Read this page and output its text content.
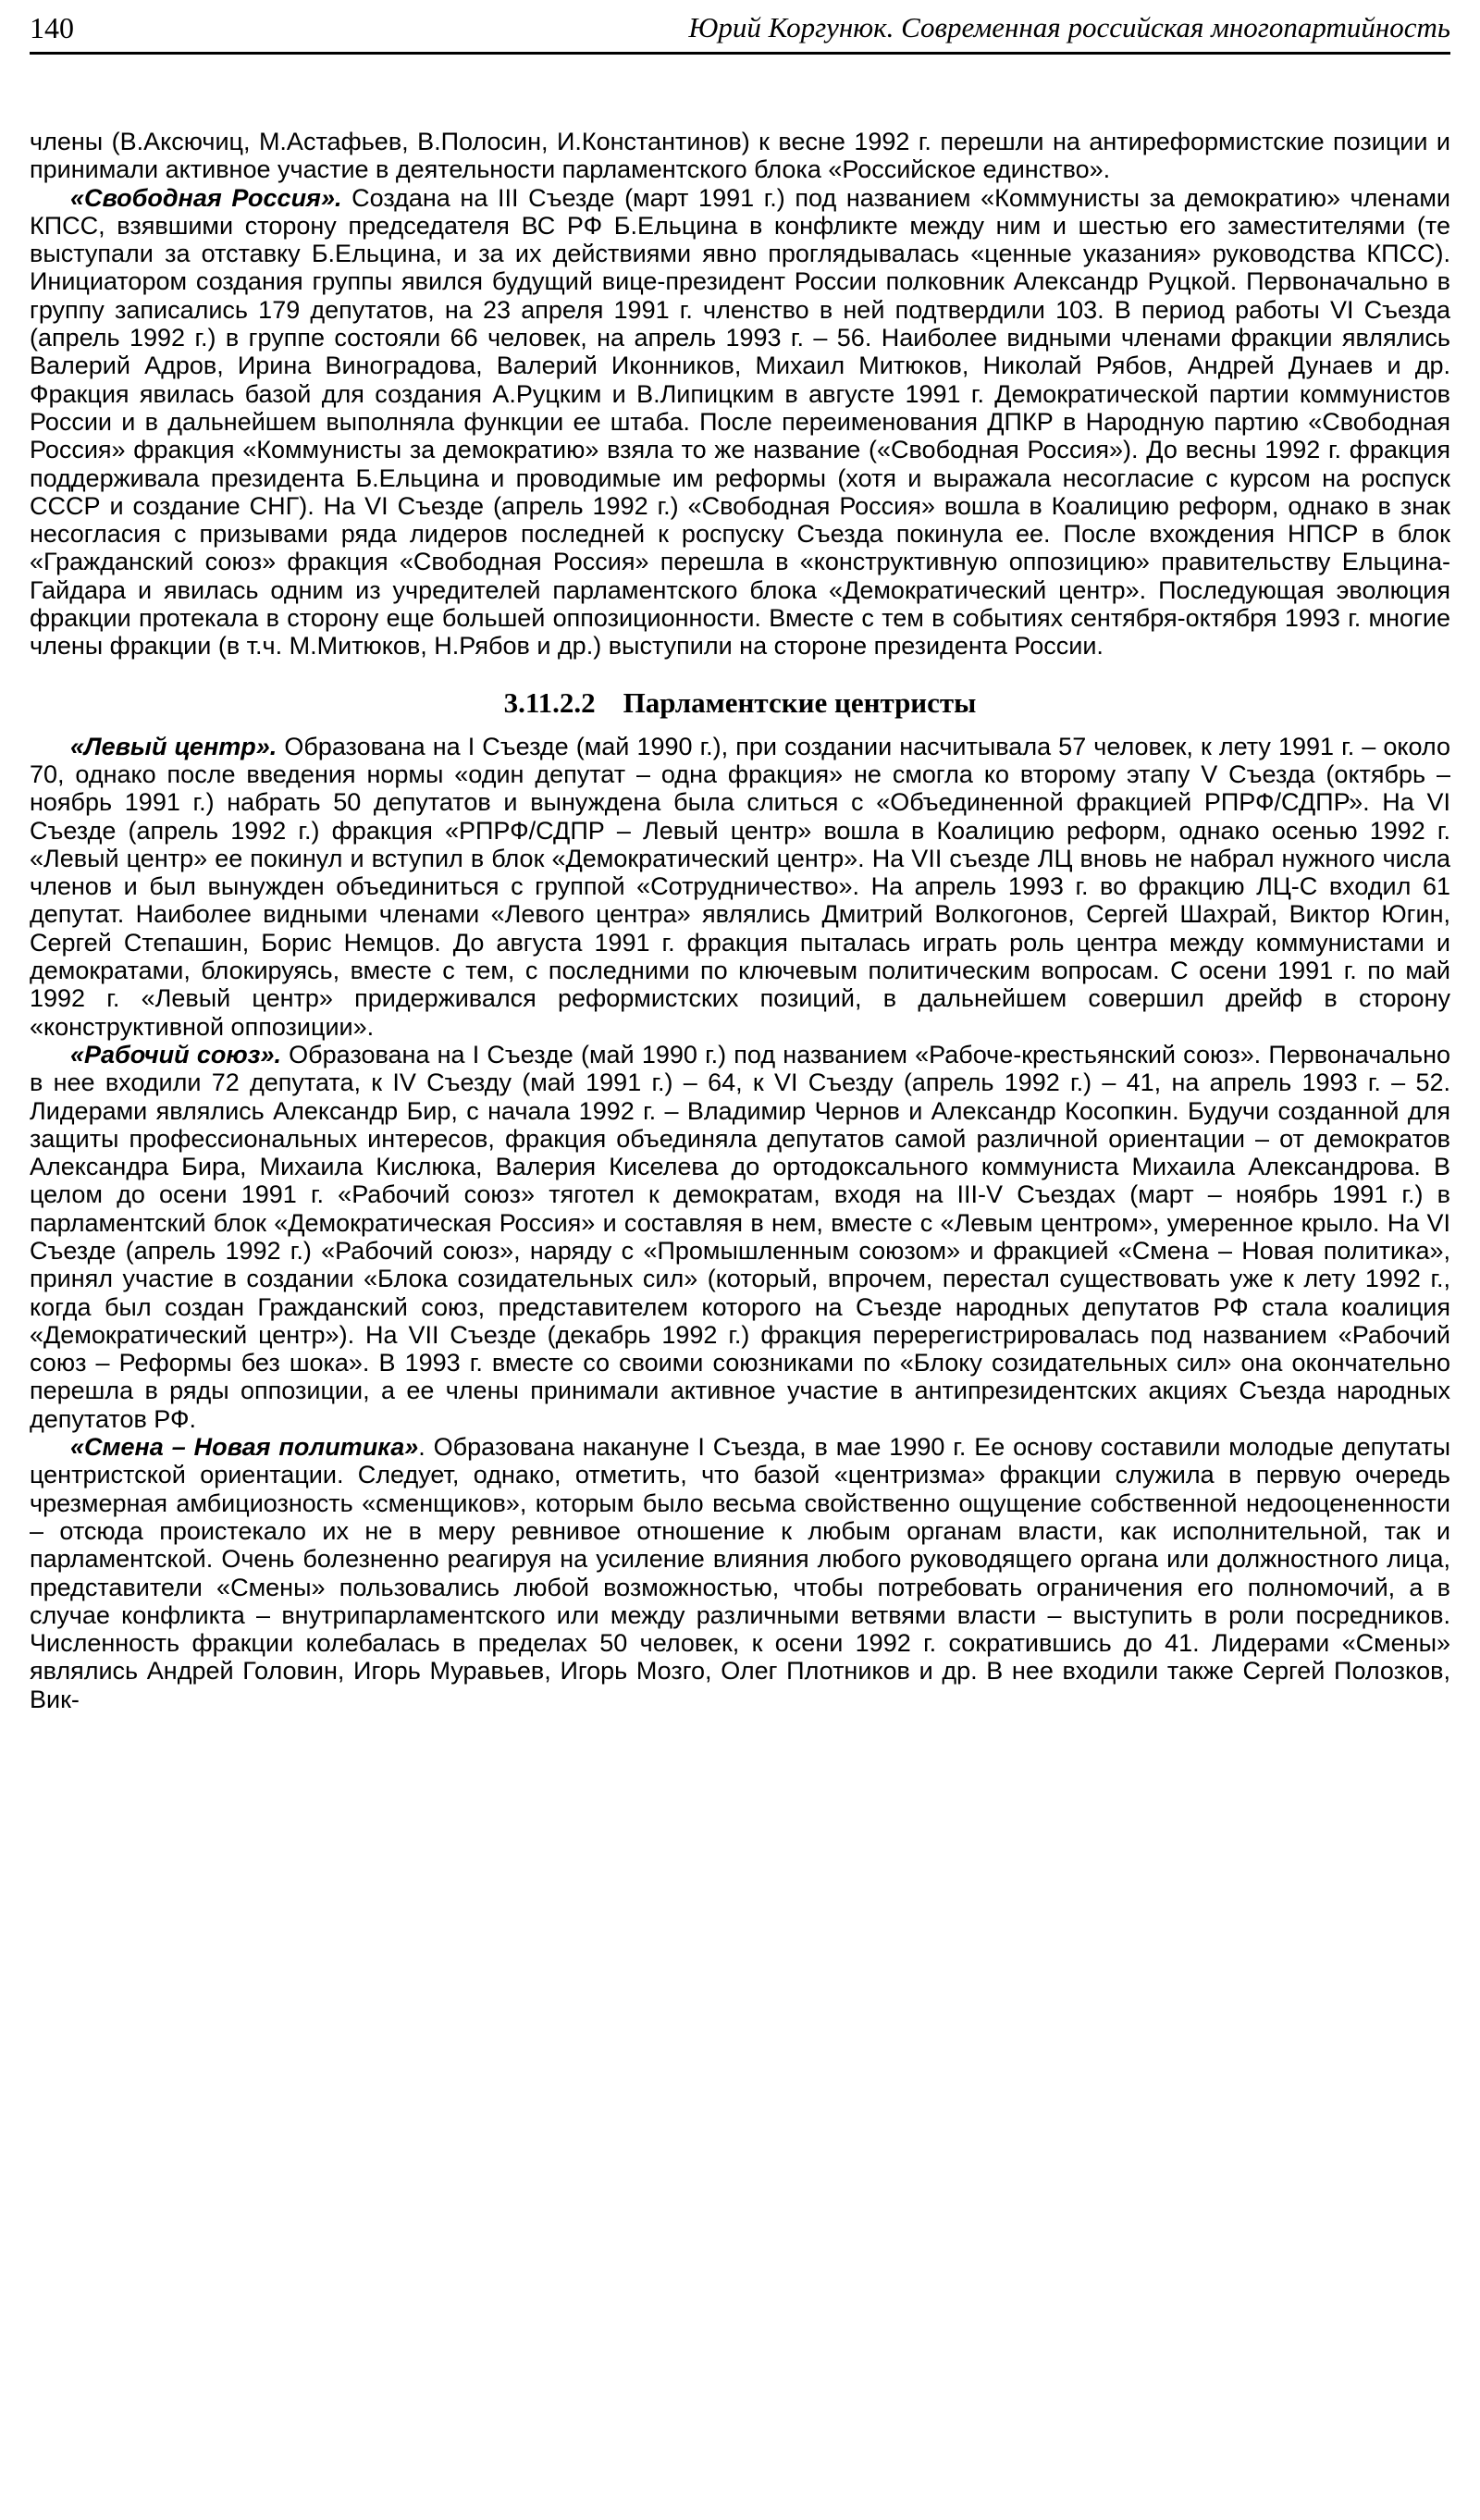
140	Юрий Коргунюк. Современная российская многопартийность

члены (В.Аксючиц, М.Астафьев, В.Полосин, И.Константинов) к весне 1992 г. перешли на антиреформистские позиции и принимали активное участие в деятельности парламентского блока «Российское единство».

«Свободная Россия». Создана на III Съезде (март 1991 г.) под названием «Коммунисты за демократию» членами КПСС, взявшими сторону председателя ВС РФ Б.Ельцина в конфликте между ним и шестью его заместителями (те выступали за отставку Б.Ельцина, и за их действиями явно проглядывалась «ценные указания» руководства КПСС). Инициатором создания группы явился будущий вице-президент России полковник Александр Руцкой. Первоначально в группу записались 179 депутатов, на 23 апреля 1991 г. членство в ней подтвердили 103. В период работы VI Съезда (апрель 1992 г.) в группе состояли 66 человек, на апрель 1993 г. – 56. Наиболее видными членами фракции являлись Валерий Адров, Ирина Виноградова, Валерий Иконников, Михаил Митюков, Николай Рябов, Андрей Дунаев и др. Фракция явилась базой для создания А.Руцким и В.Липицким в августе 1991 г. Демократической партии коммунистов России и в дальнейшем выполняла функции ее штаба. После переименования ДПКР в Народную партию «Свободная Россия» фракция «Коммунисты за демократию» взяла то же название («Свободная Россия»). До весны 1992 г. фракция поддерживала президента Б.Ельцина и проводимые им реформы (хотя и выражала несогласие с курсом на роспуск СССР и создание СНГ). На VI Съезде (апрель 1992 г.) «Свободная Россия» вошла в Коалицию реформ, однако в знак несогласия с призывами ряда лидеров последней к роспуску Съезда покинула ее. После вхождения НПСР в блок «Гражданский союз» фракция «Свободная Россия» перешла в «конструктивную оппозицию» правительству Ельцина-Гайдара и явилась одним из учредителей парламентского блока «Демократический центр». Последующая эволюция фракции протекала в сторону еще большей оппозиционности. Вместе с тем в событиях сентября-октября 1993 г. многие члены фракции (в т.ч. М.Митюков, Н.Рябов и др.) выступили на стороне президента России.

3.11.2.2 Парламентские центристы

«Левый центр». Образована на I Съезде (май 1990 г.), при создании насчитывала 57 человек, к лету 1991 г. – около 70, однако после введения нормы «один депутат – одна фракция» не смогла ко второму этапу V Съезда (октябрь – ноябрь 1991 г.) набрать 50 депутатов и вынуждена была слиться с «Объединенной фракцией РПРФ/СДПР». На VI Съезде (апрель 1992 г.) фракция «РПРФ/СДПР – Левый центр» вошла в Коалицию реформ, однако осенью 1992 г. «Левый центр» ее покинул и вступил в блок «Демократический центр». На VII съезде ЛЦ вновь не набрал нужного числа членов и был вынужден объединиться с группой «Сотрудничество». На апрель 1993 г. во фракцию ЛЦ-С входил 61 депутат. Наиболее видными членами «Левого центра» являлись Дмитрий Волкогонов, Сергей Шахрай, Виктор Югин, Сергей Степашин, Борис Немцов. До августа 1991 г. фракция пыталась играть роль центра между коммунистами и демократами, блокируясь, вместе с тем, с последними по ключевым политическим вопросам. С осени 1991 г. по май 1992 г. «Левый центр» придерживался реформистских позиций, в дальнейшем совершил дрейф в сторону «конструктивной оппозиции».

«Рабочий союз». Образована на I Съезде (май 1990 г.) под названием «Рабоче-крестьянский союз». Первоначально в нее входили 72 депутата, к IV Съезду (май 1991 г.) – 64, к VI Съезду (апрель 1992 г.) – 41, на апрель 1993 г. – 52. Лидерами являлись Александр Бир, с начала 1992 г. – Владимир Чернов и Александр Косопкин. Будучи созданной для защиты профессиональных интересов, фракция объединяла депутатов самой различной ориентации – от демократов Александра Бира, Михаила Кислюка, Валерия Киселева до ортодоксального коммуниста Михаила Александрова. В целом до осени 1991 г. «Рабочий союз» тяготел к демократам, входя на III-V Съездах (март – ноябрь 1991 г.) в парламентский блок «Демократическая Россия» и составляя в нем, вместе с «Левым центром», умеренное крыло. На VI Съезде (апрель 1992 г.) «Рабочий союз», наряду с «Промышленным союзом» и фракцией «Смена – Новая политика», принял участие в создании «Блока созидательных сил» (который, впрочем, перестал существовать уже к лету 1992 г., когда был создан Гражданский союз, представителем которого на Съезде народных депутатов РФ стала коалиция «Демократический центр»). На VII Съезде (декабрь 1992 г.) фракция перерегистрировалась под названием «Рабочий союз – Реформы без шока». В 1993 г. вместе со своими союзниками по «Блоку созидательных сил» она окончательно перешла в ряды оппозиции, а ее члены принимали активное участие в антипрезидентских акциях Съезда народных депутатов РФ.

«Смена – Новая политика». Образована накануне I Съезда, в мае 1990 г. Ее основу составили молодые депутаты центристской ориентации. Следует, однако, отметить, что базой «центризма» фракции служила в первую очередь чрезмерная амбициозность «сменщиков», которым было весьма свойственно ощущение собственной недооцененности – отсюда проистекало их не в меру ревнивое отношение к любым органам власти, как исполнительной, так и парламентской. Очень болезненно реагируя на усиление влияния любого руководящего органа или должностного лица, представители «Смены» пользовались любой возможностью, чтобы потребовать ограничения его полномочий, а в случае конфликта – внутрипарламентского или между различными ветвями власти – выступить в роли посредников. Численность фракции колебалась в пределах 50 человек, к осени 1992 г. сократившись до 41. Лидерами «Смены» являлись Андрей Головин, Игорь Муравьев, Игорь Мозго, Олег Плотников и др. В нее входили также Сергей Полозков, Вик-
